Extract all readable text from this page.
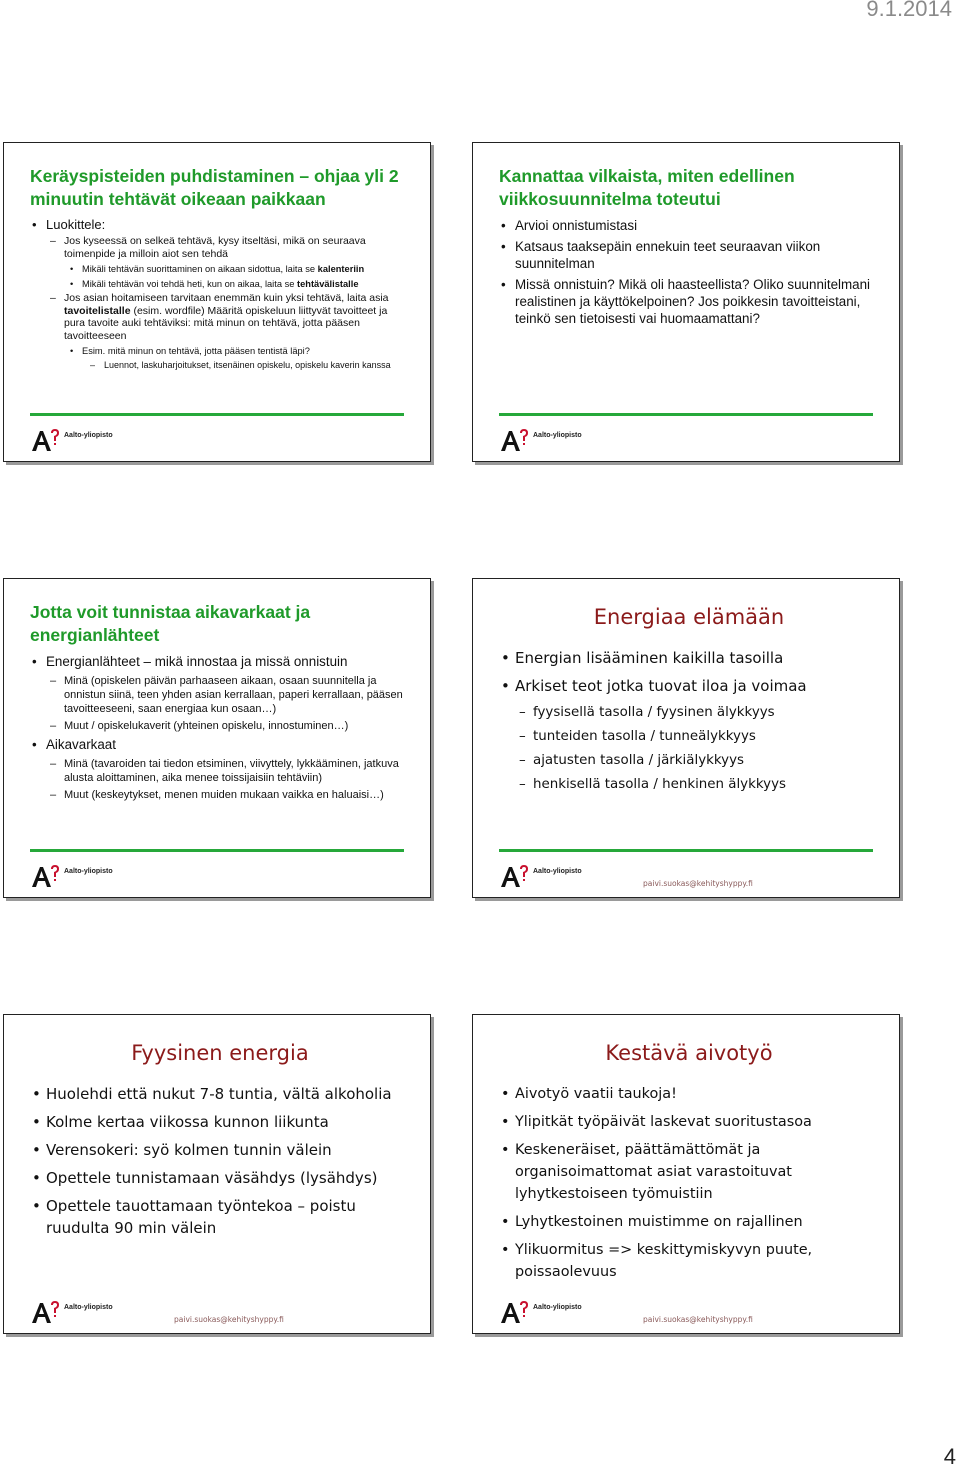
9.1.2014
Keräyspisteiden puhdistaminen – ohjaa yli 2 minuutin tehtävät oikeaan paikkaan
• Luokittele:
– Jos kyseessä on selkeä tehtävä, kysy itseltäsi, mikä on seuraava toimenpide ja milloin aiot sen tehdä
• Mikäli tehtävän suorittaminen on aikaan sidottua, laita se kalenteriin
• Mikäli tehtävän voi tehdä heti, kun on aikaa, laita se tehtävälistalle
– Jos asian hoitamiseen tarvitaan enemmän kuin yksi tehtävä, laita asia tavoitelistalle (esim. wordfile) Määritä opiskeluun liittyvät tavoitteet ja pura tavoite auki tehtäviksi: mitä minun on tehtävä, jotta pääsen tavoitteeseen
• Esim. mitä minun on tehtävä, jotta pääsen tentistä läpi?
– Luennot, laskuharjoitukset, itsenäinen opiskelu, opiskelu kaverin kanssa
Aalto-yliopisto
Kannattaa vilkaista, miten edellinen viikkosuunnitelma toteutui
• Arvioi onnistumistasi
• Katsaus taaksepäin ennekuin teet seuraavan viikon suunnitelman
• Missä onnistuin? Mikä oli haasteellista? Oliko suunnitelmani realistinen ja käyttökelpoinen? Jos poikkesin tavoitteistani, teinkö sen tietoisesti vai huomaamattani?
Aalto-yliopisto
Jotta voit tunnistaa aikavarkaat ja energianlähteet
• Energianlähteet – mikä innostaa ja missä onnistuin
– Minä (opiskelen päivän parhaaseen aikaan, osaan suunnitella ja onnistun siinä, teen yhden asian kerrallaan, paperi kerrallaan, pääsen tavoitteeseeni, saan energiaa kun osaan…)
– Muut / opiskelukaverit (yhteinen opiskelu, innostuminen…)
• Aikavarkaat
– Minä (tavaroiden tai tiedon etsiminen, viivyttely, lykkääminen, jatkuva alusta aloittaminen, aika menee toissijaisiin tehtäviin)
– Muut (keskeytykset, menen muiden mukaan vaikka en haluaisi…)
Aalto-yliopisto
Energiaa elämään
• Energian lisääminen kaikilla tasoilla
• Arkiset teot jotka tuovat iloa ja voimaa
– fyysisellä tasolla / fyysinen älykkyys
– tunteiden tasolla / tunneälykkyys
– ajatusten tasolla / järkiälykkyys
– henkisellä tasolla / henkinen älykkyys
Aalto-yliopisto
paivi.suokas@kehityshyppy.fi
Fyysinen energia
• Huolehdi että nukut 7-8 tuntia, vältä alkoholia
• Kolme kertaa viikossa kunnon liikunta
• Verensokeri: syö kolmen tunnin välein
• Opettele tunnistamaan väsähdys (lysähdys)
• Opettele tauottamaan työntekoa – poistu ruudulta 90 min välein
Aalto-yliopisto
paivi.suokas@kehityshyppy.fi
Kestävä aivotyö
• Aivotyö vaatii taukoja!
• Ylipitkät työpäivät laskevat suoritustasoa
• Keskeneräiset, päättämättömät ja organisoimattomat asiat varastoituvat lyhytkestoiseen työmuistiin
• Lyhytkestoinen muistimme on rajallinen
• Ylikuormitus => keskittymiskyvyn puute, poissaolevuus
Aalto-yliopisto
paivi.suokas@kehityshyppy.fi
4
